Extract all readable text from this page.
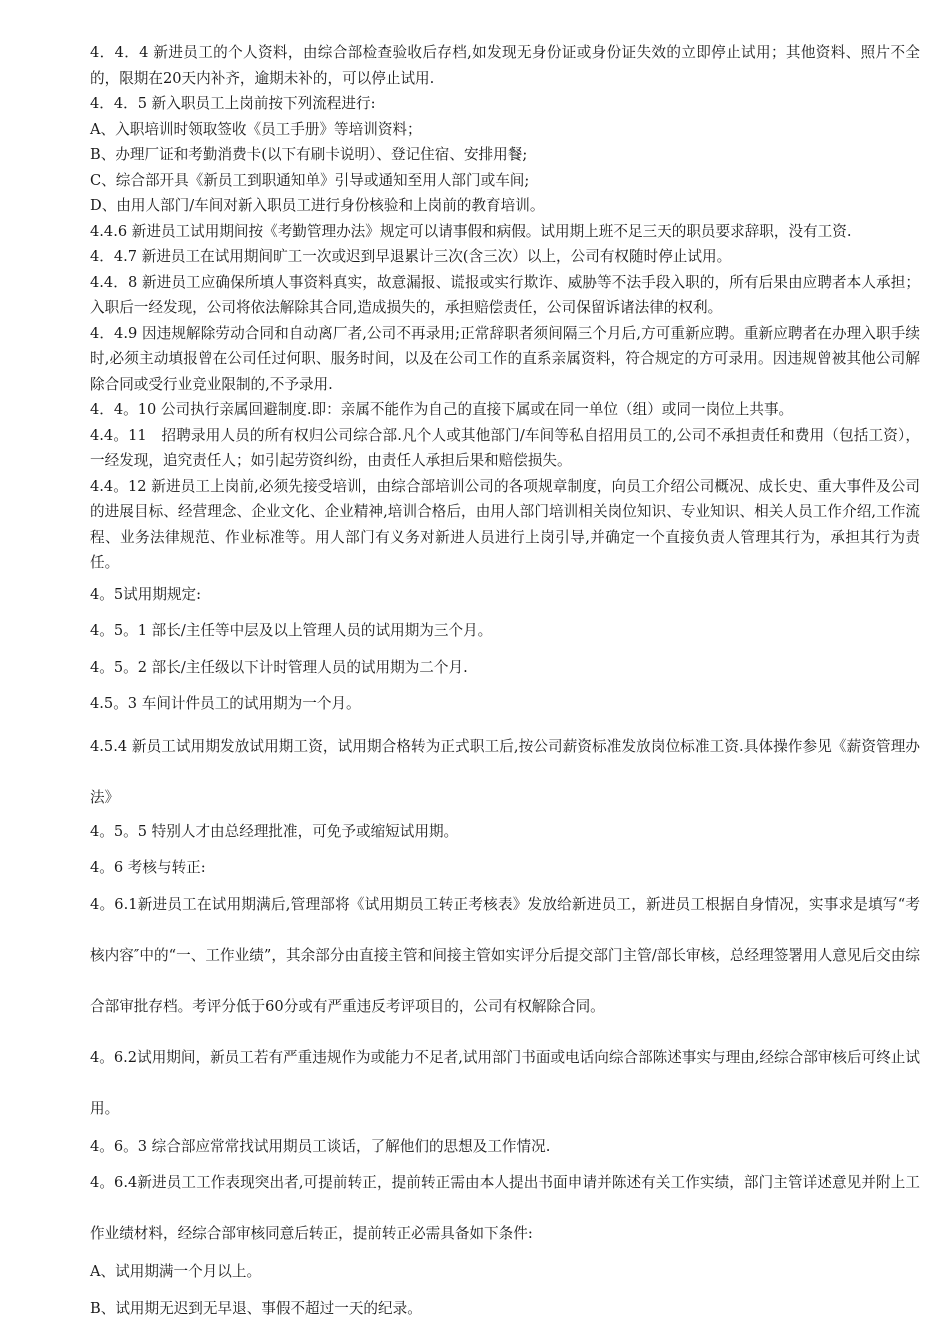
4．4．4 新进员工的个人资料，由综合部检查验收后存档,如发现无身份证或身份证失效的立即停止试用；其他资料、照片不全的，限期在20天内补齐，逾期未补的，可以停止试用.

4．4．5 新入职员工上岗前按下列流程进行:

A、入职培训时领取签收《员工手册》等培训资料；

B、办理厂证和考勤消费卡(以下有刷卡说明）、登记住宿、安排用餐;

C、综合部开具《新员工到职通知单》引导或通知至用人部门或车间;

D、由用人部门/车间对新入职员工进行身份核验和上岗前的教育培训。

4.4.6 新进员工试用期间按《考勤管理办法》规定可以请事假和病假。试用期上班不足三天的职员要求辞职，没有工资.

4．4.7 新进员工在试用期间旷工一次或迟到早退累计三次(含三次）以上，公司有权随时停止试用。

4.4．8 新进员工应确保所填人事资料真实，故意漏报、谎报或实行欺诈、威胁等不法手段入职的，所有后果由应聘者本人承担；入职后一经发现，公司将依法解除其合同,造成损失的，承担赔偿责任，公司保留诉诸法律的权利。

4．4.9 因违规解除劳动合同和自动离厂者,公司不再录用;正常辞职者须间隔三个月后,方可重新应聘。重新应聘者在办理入职手续时,必须主动填报曾在公司任过何职、服务时间，以及在公司工作的直系亲属资料，符合规定的方可录用。因违规曾被其他公司解除合同或受行业竞业限制的,不予录用.

4．4。10 公司执行亲属回避制度.即：亲属不能作为自己的直接下属或在同一单位（组）或同一岗位上共事。

4.4。11　招聘录用人员的所有权归公司综合部.凡个人或其他部门/车间等私自招用员工的,公司不承担责任和费用（包括工资），一经发现，追究责任人；如引起劳资纠纷，由责任人承担后果和赔偿损失。

4.4。12 新进员工上岗前,必须先接受培训，由综合部培训公司的各项规章制度，向员工介绍公司概况、成长史、重大事件及公司的进展目标、经营理念、企业文化、企业精神,培训合格后，由用人部门培训相关岗位知识、专业知识、相关人员工作介绍,工作流程、业务法律规范、作业标准等。用人部门有义务对新进人员进行上岗引导,并确定一个直接负责人管理其行为，承担其行为责任。

4。5试用期规定:

4。5。1 部长/主任等中层及以上管理人员的试用期为三个月。

4。5。2 部长/主任级以下计时管理人员的试用期为二个月.

4.5。3 车间计件员工的试用期为一个月。

4.5.4 新员工试用期发放试用期工资，试用期合格转为正式职工后,按公司薪资标准发放岗位标准工资.具体操作参见《薪资管理办法》

4。5。5 特别人才由总经理批准，可免予或缩短试用期。

4。6 考核与转正:

4。6.1新进员工在试用期满后,管理部将《试用期员工转正考核表》发放给新进员工，新进员工根据自身情况，实事求是填写“考核内容″中的“一、工作业绩”，其余部分由直接主管和间接主管如实评分后提交部门主管/部长审核，总经理签署用人意见后交由综合部审批存档。考评分低于60分或有严重违反考评项目的，公司有权解除合同。

4。6.2试用期间，新员工若有严重违规作为或能力不足者,试用部门书面或电话向综合部陈述事实与理由,经综合部审核后可终止试用。

4。6。3 综合部应常常找试用期员工谈话，了解他们的思想及工作情况.

4。6.4新进员工工作表现突出者,可提前转正，提前转正需由本人提出书面申请并陈述有关工作实绩，部门主管详述意见并附上工作业绩材料，经综合部审核同意后转正，提前转正必需具备如下条件:

A、试用期满一个月以上。

B、试用期无迟到无早退、事假不超过一天的纪录。
